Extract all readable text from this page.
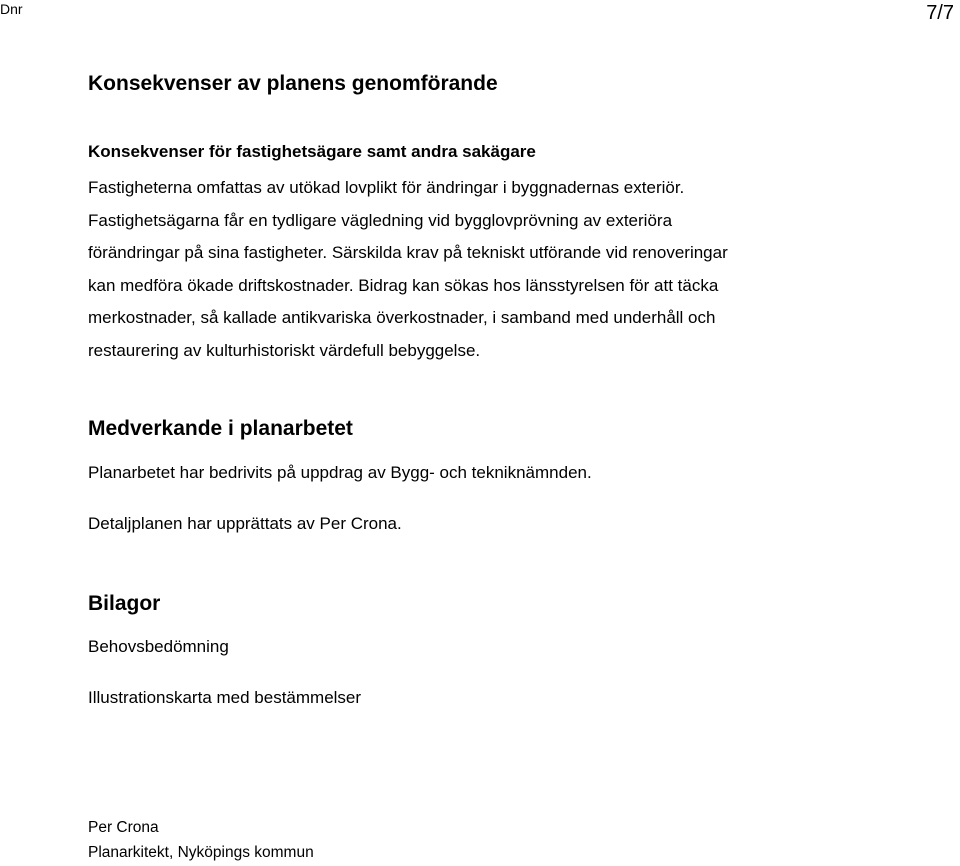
Dnr	7/7
Konsekvenser av planens genomförande
Konsekvenser för fastighetsägare samt andra sakägare
Fastigheterna omfattas av utökad lovplikt för ändringar i byggnadernas exteriör.
Fastighetsägarna får en tydligare vägledning vid bygglovprövning av exteriöra
förändringar på sina fastigheter. Särskilda krav på tekniskt utförande vid renoveringar
kan medföra ökade driftskostnader. Bidrag kan sökas hos länsstyrelsen för att täcka
merkostnader, så kallade antikvariska överkostnader, i samband med underhåll och
restaurering av kulturhistoriskt värdefull bebyggelse.
Medverkande i planarbetet
Planarbetet har bedrivits på uppdrag av Bygg- och tekniknämnden.
Detaljplanen har upprättats av Per Crona.
Bilagor
Behovsbedömning
Illustrationskarta med bestämmelser
Per Crona
Planarkitekt, Nyköpings kommun
